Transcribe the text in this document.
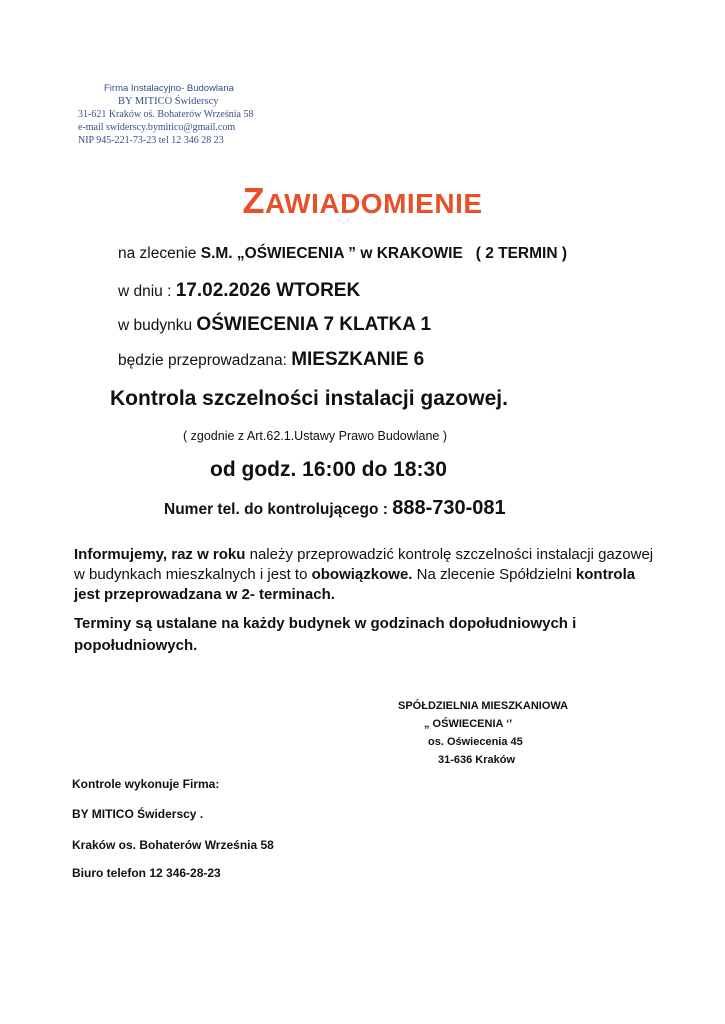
Firma Instalacyjno- Budowlana
BY MITICO Świderscy
31-621 Kraków oś. Bohaterów Września 58
e-mail swiderscy.bymitico@gmail.com
NIP 945-221-73-23 tel 12 346 28 23
ZAWIADOMIENIE
na zlecenie S.M. „OŚWIECENIA ” w KRAKOWIE ( 2 TERMIN )
w dniu : 17.02.2026 WTOREK
w budynku OŚWIECENIA 7 KLATKA 1
będzie przeprowadzana: MIESZKANIE 6
Kontrola szczelności instalacji gazowej.
( zgodnie z Art.62.1.Ustawy Prawo Budowlane )
od godz. 16:00 do 18:30
Numer tel. do kontrolującego : 888-730-081
Informujemy, raz w roku należy przeprowadzić kontrolę szczelności instalacji gazowej w budynkach mieszkalnych i jest to obowiązkowe. Na zlecenie Spółdzielni kontrola jest przeprowadzana w 2- terminach.
Terminy są ustalane na każdy budynek w godzinach dopołudniowych i popołudniowych.
SPÓŁDZIELNIA MIESZKANIOWA
„ OŚWIECENIA ‘’
os. Oświecenia 45
31-636 Kraków
Kontrole wykonuje Firma:
BY MITICO Świderscy .
Kraków os. Bohaterów Września 58
Biuro telefon 12 346-28-23
